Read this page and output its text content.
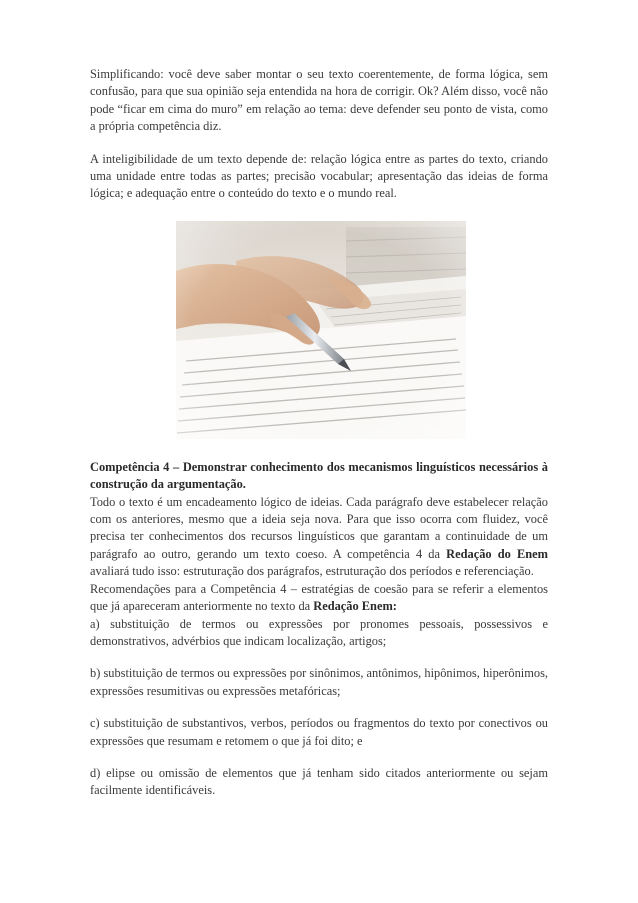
Simplificando: você deve saber montar o seu texto coerentemente, de forma lógica, sem confusão, para que sua opinião seja entendida na hora de corrigir. Ok? Além disso, você não pode “ficar em cima do muro” em relação ao tema: deve defender seu ponto de vista, como a própria competência diz.

A inteligibilidade de um texto depende de: relação lógica entre as partes do texto, criando uma unidade entre todas as partes; precisão vocabular; apresentação das ideias de forma lógica; e adequação entre o conteúdo do texto e o mundo real.

Competência 4 – Demonstrar conhecimento dos mecanismos linguísticos necessários à construção da argumentação.

Todo o texto é um encadeamento lógico de ideias. Cada parágrafo deve estabelecer relação com os anteriores, mesmo que a ideia seja nova. Para que isso ocorra com fluidez, você precisa ter conhecimentos dos recursos linguísticos que garantam a continuidade de um parágrafo ao outro, gerando um texto coeso. A competência 4 da Redação do Enem avaliará tudo isso: estruturação dos parágrafos, estruturação dos períodos e referenciação.

Recomendações para a Competência 4 – estratégias de coesão para se referir a elementos que já apareceram anteriormente no texto da Redação Enem:

a) substituição de termos ou expressões por pronomes pessoais, possessivos e demonstrativos, advérbios que indicam localização, artigos;

b) substituição de termos ou expressões por sinônimos, antônimos, hipônimos, hiperônimos, expressões resumitivas ou expressões metafóricas;

c) substituição de substantivos, verbos, períodos ou fragmentos do texto por conectivos ou expressões que resumam e retomem o que já foi dito; e

d) elipse ou omissão de elementos que já tenham sido citados anteriormente ou sejam facilmente identificáveis.
